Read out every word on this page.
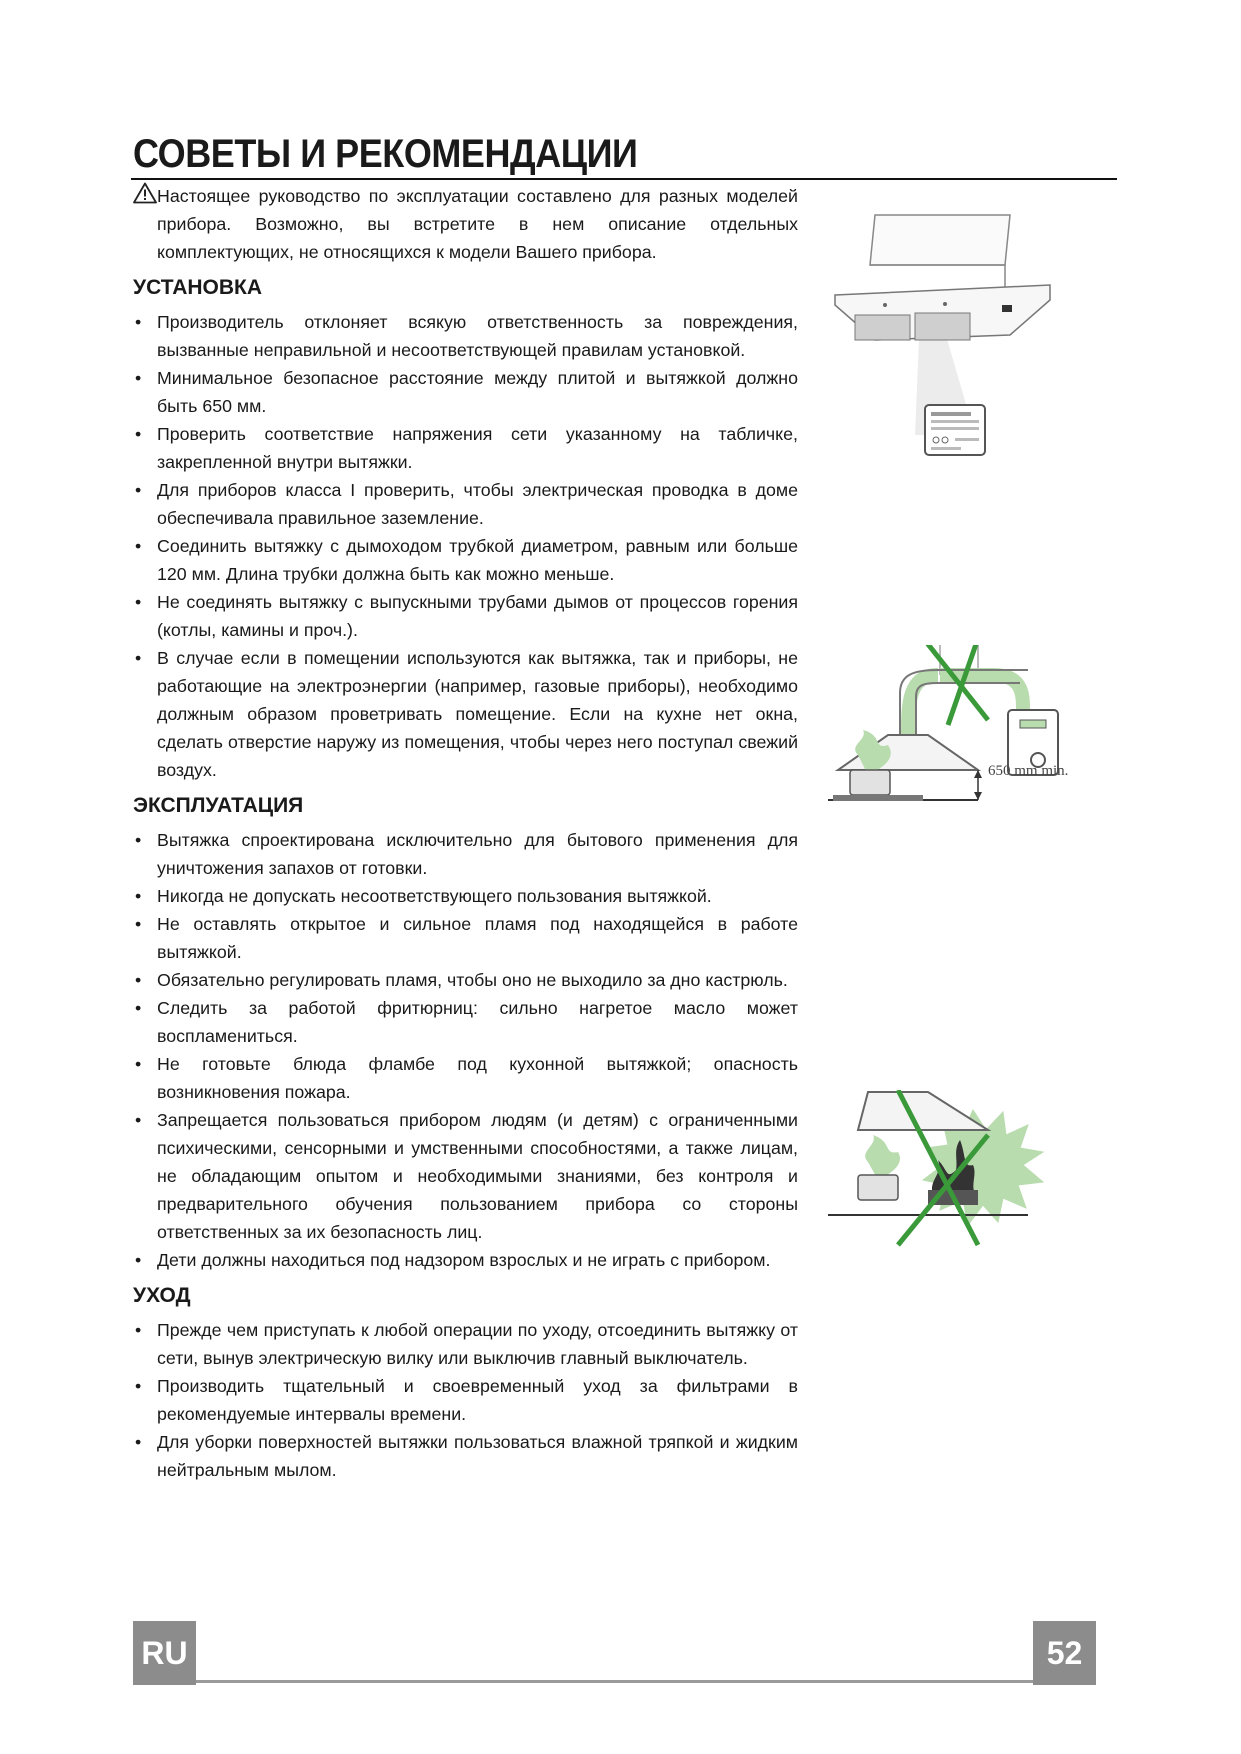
СОВЕТЫ И РЕКОМЕНДАЦИИ

Настоящее руководство по эксплуатации составлено для разных моделей прибора. Возможно, вы встретите в нем описание отдельных комплектующих, не относящихся к модели Вашего прибора.

УСТАНОВКА
• Производитель отклоняет всякую ответственность за повреждения, вызванные неправильной и несоответствующей правилам установкой.
• Минимальное безопасное расстояние между плитой и вытяжкой должно быть 650 мм.
• Проверить соответствие напряжения сети указанному на табличке, закрепленной внутри вытяжки.
• Для приборов класса I проверить, чтобы электрическая проводка в доме обеспечивала правильное заземление.
• Соединить вытяжку с дымоходом трубкой диаметром, равным или больше 120 мм. Длина трубки должна быть как можно меньше.
• Не соединять вытяжку с выпускными трубами дымов от процессов горения (котлы, камины и проч.).
• В случае если в помещении используются как вытяжка, так и приборы, не работающие на электроэнергии (например, газовые приборы), необходимо должным образом проветривать помещение. Если на кухне нет окна, сделать отверстие наружу из помещения, чтобы через него поступал свежий воздух.
ЭКСПЛУАТАЦИЯ
• Вытяжка спроектирована исключительно для бытового применения для уничтожения запахов от готовки.
• Никогда не допускать несоответствующего пользования вытяжкой.
• Не оставлять открытое и сильное пламя под находящейся в работе вытяжкой.
• Обязательно регулировать пламя, чтобы оно не выходило за дно кастрюль.
• Следить за работой фритюрниц: сильно нагретое масло может воспламениться.
• Не готовьте блюда фламбе под кухонной вытяжкой; опасность возникновения пожара.
• Запрещается пользоваться прибором людям (и детям) с ограниченными психическими, сенсорными и умственными способностями, а также лицам, не обладающим опытом и необходимыми знаниями, без контроля и предварительного обучения пользованием прибора со стороны ответственных за их безопасность лиц.
• Дети должны находиться под надзором взрослых и не играть с прибором.
УХОД
• Прежде чем приступать к любой операции по уходу, отсоединить вытяжку от сети, вынув электрическую вилку или выключив главный выключатель.
• Производить тщательный и своевременный уход за фильтрами в рекомендуемые интервалы времени.
• Для уборки поверхностей вытяжки пользоваться влажной тряпкой и жидким нейтральным мылом.
650 mm min.
RU	52
